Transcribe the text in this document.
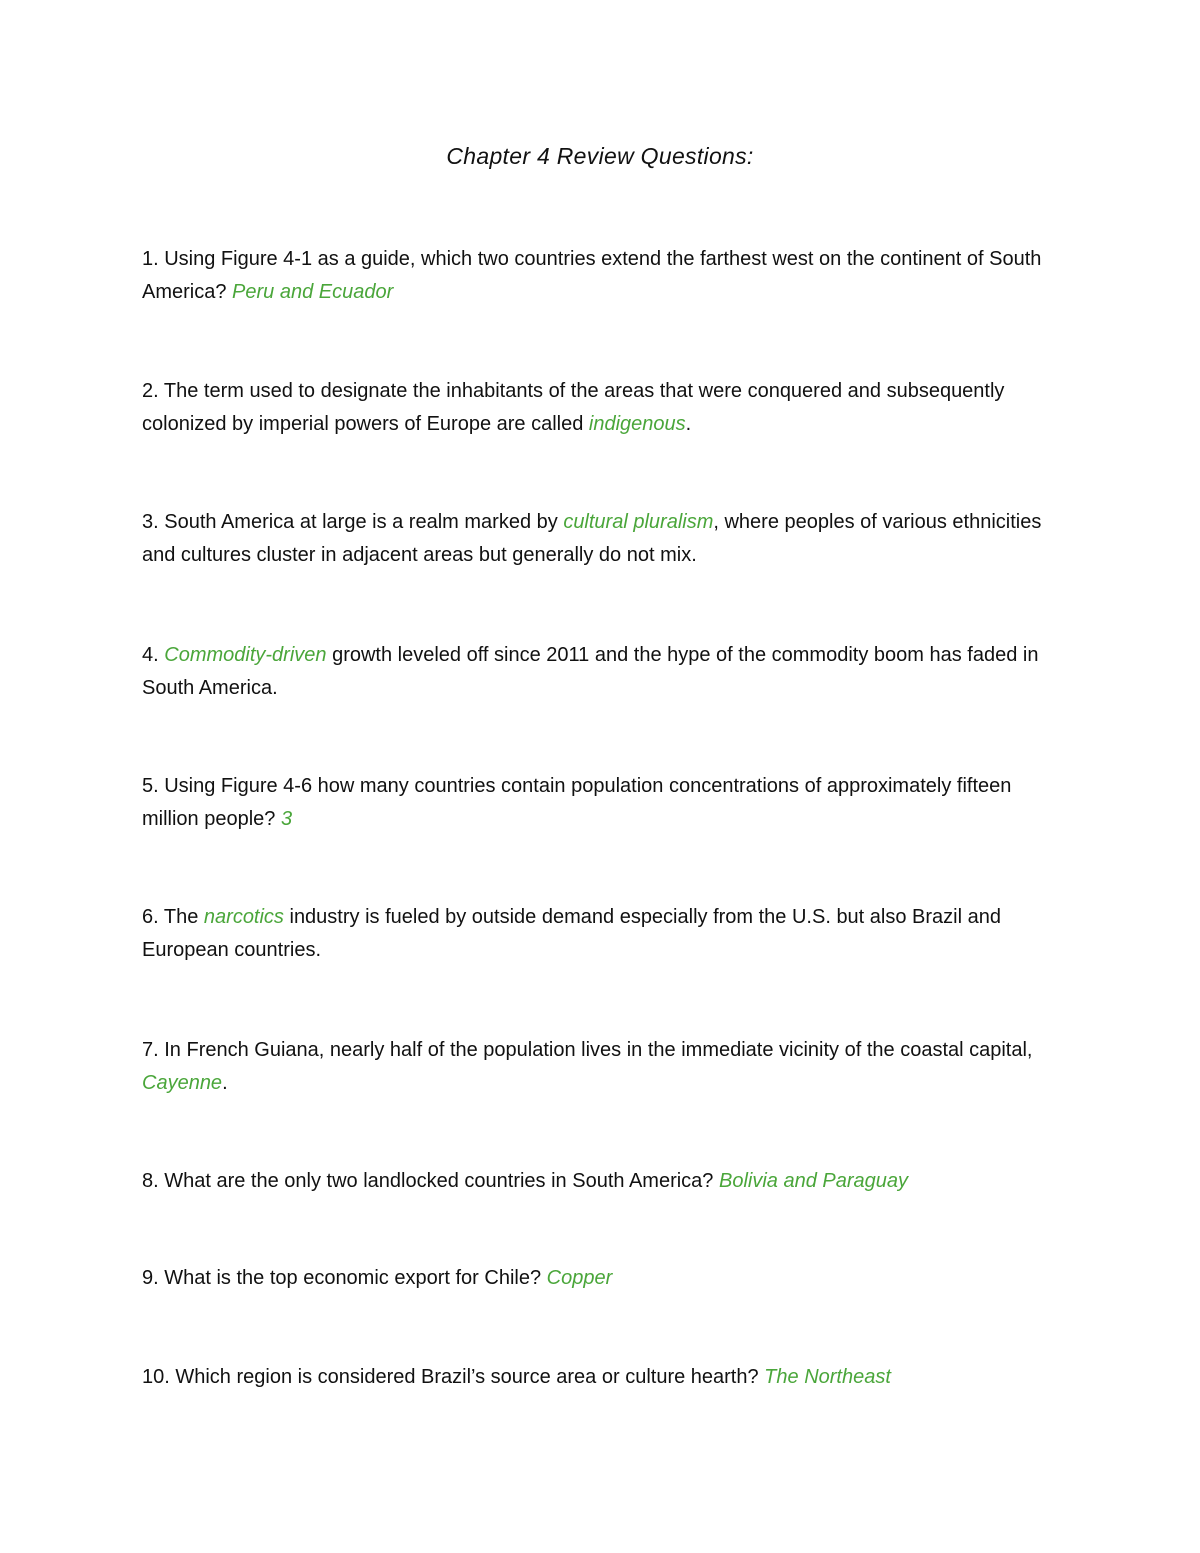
Chapter 4 Review Questions:
1. Using Figure 4-1 as a guide, which two countries extend the farthest west on the continent of South America? Peru and Ecuador
2. The term used to designate the inhabitants of the areas that were conquered and subsequently colonized by imperial powers of Europe are called indigenous.
3. South America at large is a realm marked by cultural pluralism, where peoples of various ethnicities and cultures cluster in adjacent areas but generally do not mix.
4. Commodity-driven growth leveled off since 2011 and the hype of the commodity boom has faded in South America.
5. Using Figure 4-6 how many countries contain population concentrations of approximately fifteen million people? 3
6. The narcotics industry is fueled by outside demand especially from the U.S. but also Brazil and European countries.
7. In French Guiana, nearly half of the population lives in the immediate vicinity of the coastal capital, Cayenne.
8. What are the only two landlocked countries in South America? Bolivia and Paraguay
9. What is the top economic export for Chile? Copper
10. Which region is considered Brazil’s source area or culture hearth? The Northeast
